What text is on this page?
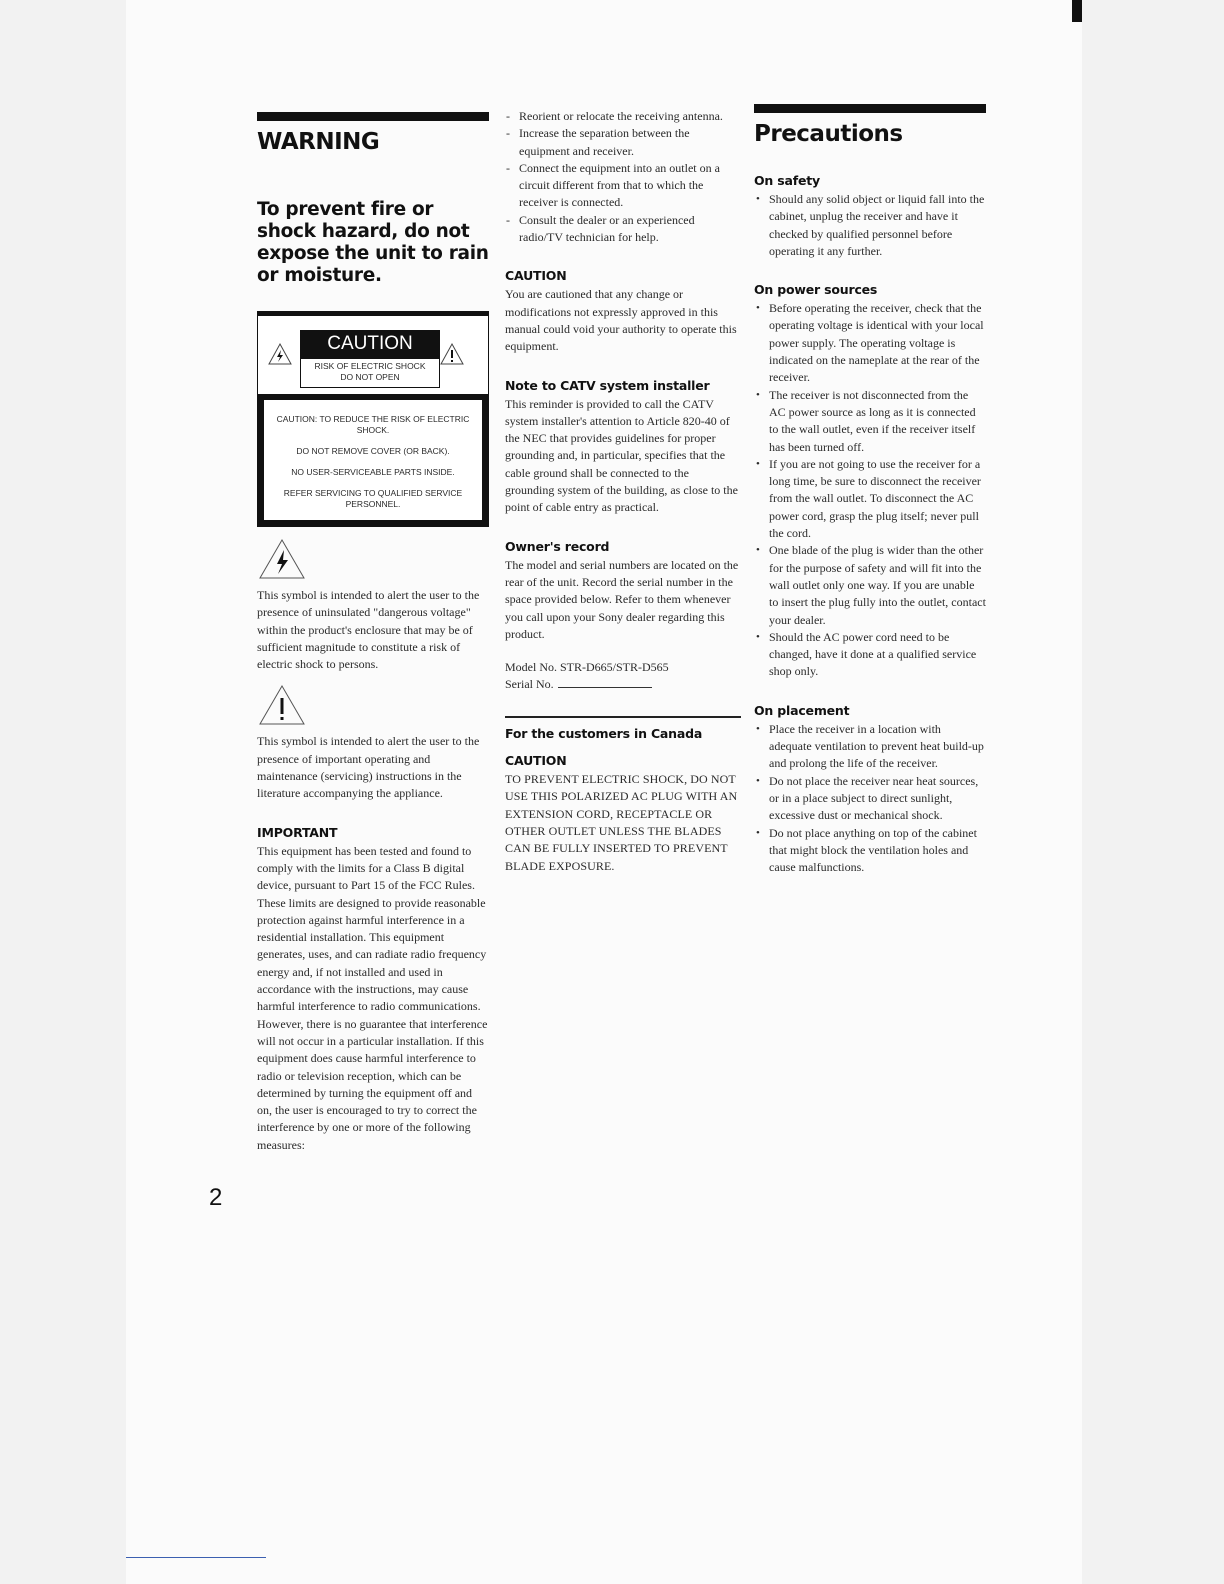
WARNING
To prevent fire or shock hazard, do not expose the unit to rain or moisture.
CAUTION
RISK OF ELECTRIC SHOCK
DO NOT OPEN

CAUTION: TO REDUCE THE RISK OF ELECTRIC SHOCK.

DO NOT REMOVE COVER (OR BACK).

NO USER-SERVICEABLE PARTS INSIDE.

REFER SERVICING TO QUALIFIED SERVICE PERSONNEL.

This symbol is intended to alert the user to the presence of uninsulated "dangerous voltage" within the product's enclosure that may be of sufficient magnitude to constitute a risk of electric shock to persons.

This symbol is intended to alert the user to the presence of important operating and maintenance (servicing) instructions in the literature accompanying the appliance.

IMPORTANT

This equipment has been tested and found to comply with the limits for a Class B digital device, pursuant to Part 15 of the FCC Rules.

These limits are designed to provide reasonable protection against harmful interference in a residential installation. This equipment generates, uses, and can radiate radio frequency energy and, if not installed and used in accordance with the instructions, may cause harmful interference to radio communications. However, there is no guarantee that interference will not occur in a particular installation. If this equipment does cause harmful interference to radio or television reception, which can be determined by turning the equipment off and on, the user is encouraged to try to correct the interference by one or more of the following measures:

- Reorient or relocate the receiving antenna.
- Increase the separation between the equipment and receiver.
- Connect the equipment into an outlet on a circuit different from that to which the receiver is connected.
- Consult the dealer or an experienced radio/TV technician for help.
CAUTION

You are cautioned that any change or modifications not expressly approved in this manual could void your authority to operate this equipment.

Note to CATV system installer

This reminder is provided to call the CATV system installer's attention to Article 820-40 of the NEC that provides guidelines for proper grounding and, in particular, specifies that the cable ground shall be connected to the grounding system of the building, as close to the point of cable entry as practical.

Owner's record

The model and serial numbers are located on the rear of the unit. Record the serial number in the space provided below. Refer to them whenever you call upon your Sony dealer regarding this product.

Model No. STR-D665/STR-D565

Serial No.

For the customers in Canada
CAUTION

TO PREVENT ELECTRIC SHOCK, DO NOT USE THIS POLARIZED AC PLUG WITH AN EXTENSION CORD, RECEPTACLE OR OTHER OUTLET UNLESS THE BLADES CAN BE FULLY INSERTED TO PREVENT BLADE EXPOSURE.

Precautions
On safety
• Should any solid object or liquid fall into the cabinet, unplug the receiver and have it checked by qualified personnel before operating it any further.
On power sources
• Before operating the receiver, check that the operating voltage is identical with your local power supply. The operating voltage is indicated on the nameplate at the rear of the receiver.
• The receiver is not disconnected from the AC power source as long as it is connected to the wall outlet, even if the receiver itself has been turned off.
• If you are not going to use the receiver for a long time, be sure to disconnect the receiver from the wall outlet. To disconnect the AC power cord, grasp the plug itself; never pull the cord.
• One blade of the plug is wider than the other for the purpose of safety and will fit into the wall outlet only one way. If you are unable to insert the plug fully into the outlet, contact your dealer.
• Should the AC power cord need to be changed, have it done at a qualified service shop only.
On placement
• Place the receiver in a location with adequate ventilation to prevent heat build-up and prolong the life of the receiver.
• Do not place the receiver near heat sources, or in a place subject to direct sunlight, excessive dust or mechanical shock.
• Do not place anything on top of the cabinet that might block the ventilation holes and cause malfunctions.
2
